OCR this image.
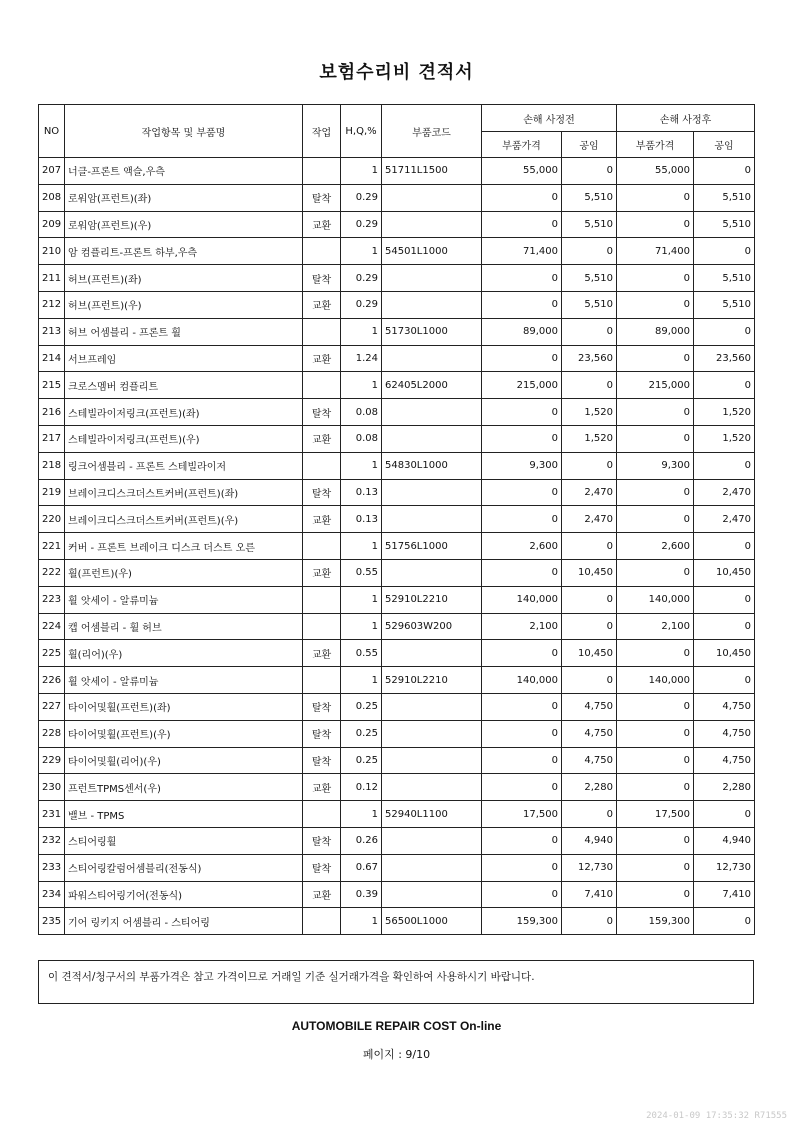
보험수리비 견적서
NO	작업항목 및 부품명	작업	H,Q,%	부품코드	손해 사정전		손해 사정후	
					부품가격	공임	부품가격	공임
207	너클-프론트 액슬,우측		1	51711L1500	55,000	0	55,000	0
208	로워암(프런트)(좌)	탈착	0.29		0	5,510	0	5,510
209	로워암(프런트)(우)	교환	0.29		0	5,510	0	5,510
210	암 컴플리트-프론트 하부,우측		1	54501L1000	71,400	0	71,400	0
211	허브(프런트)(좌)	탈착	0.29		0	5,510	0	5,510
212	허브(프런트)(우)	교환	0.29		0	5,510	0	5,510
213	허브 어셈블리 - 프론트 휠		1	51730L1000	89,000	0	89,000	0
214	서브프레임	교환	1.24		0	23,560	0	23,560
215	크로스멤버 컴플리트		1	62405L2000	215,000	0	215,000	0
216	스테빌라이저링크(프런트)(좌)	탈착	0.08		0	1,520	0	1,520
217	스테빌라이저링크(프런트)(우)	교환	0.08		0	1,520	0	1,520
218	링크어셈블리 - 프론트 스테빌라이저		1	54830L1000	9,300	0	9,300	0
219	브레이크디스크더스트커버(프런트)(좌)	탈착	0.13		0	2,470	0	2,470
220	브레이크디스크더스트커버(프런트)(우)	교환	0.13		0	2,470	0	2,470
221	커버 - 프론트 브레이크 디스크 더스트 오른		1	51756L1000	2,600	0	2,600	0
222	휠(프런트)(우)	교환	0.55		0	10,450	0	10,450
223	휠 앗세이 - 알류미늄		1	52910L2210	140,000	0	140,000	0
224	캡 어셈블리 - 휠 허브		1	529603W200	2,100	0	2,100	0
225	휠(리어)(우)	교환	0.55		0	10,450	0	10,450
226	휠 앗세이 - 알류미늄		1	52910L2210	140,000	0	140,000	0
227	타이어및휠(프런트)(좌)	탈착	0.25		0	4,750	0	4,750
228	타이어및휠(프런트)(우)	탈착	0.25		0	4,750	0	4,750
229	타이어및휠(리어)(우)	탈착	0.25		0	4,750	0	4,750
230	프런트TPMS센서(우)	교환	0.12		0	2,280	0	2,280
231	밸브 - TPMS		1	52940L1100	17,500	0	17,500	0
232	스티어링휠	탈착	0.26		0	4,940	0	4,940
233	스티어링칼럼어셈블리(전동식)	탈착	0.67		0	12,730	0	12,730
234	파워스티어링기어(전동식)	교환	0.39		0	7,410	0	7,410
235	기어 링키지 어셈블리 - 스티어링		1	56500L1000	159,300	0	159,300	0
이 견적서/청구서의 부품가격은 참고 가격이므로 거래일 기준 실거래가격을 확인하여 사용하시기 바랍니다.
AUTOMOBILE REPAIR COST On-line
페이지 : 9/10
2024-01-09 17:35:32 R71555
